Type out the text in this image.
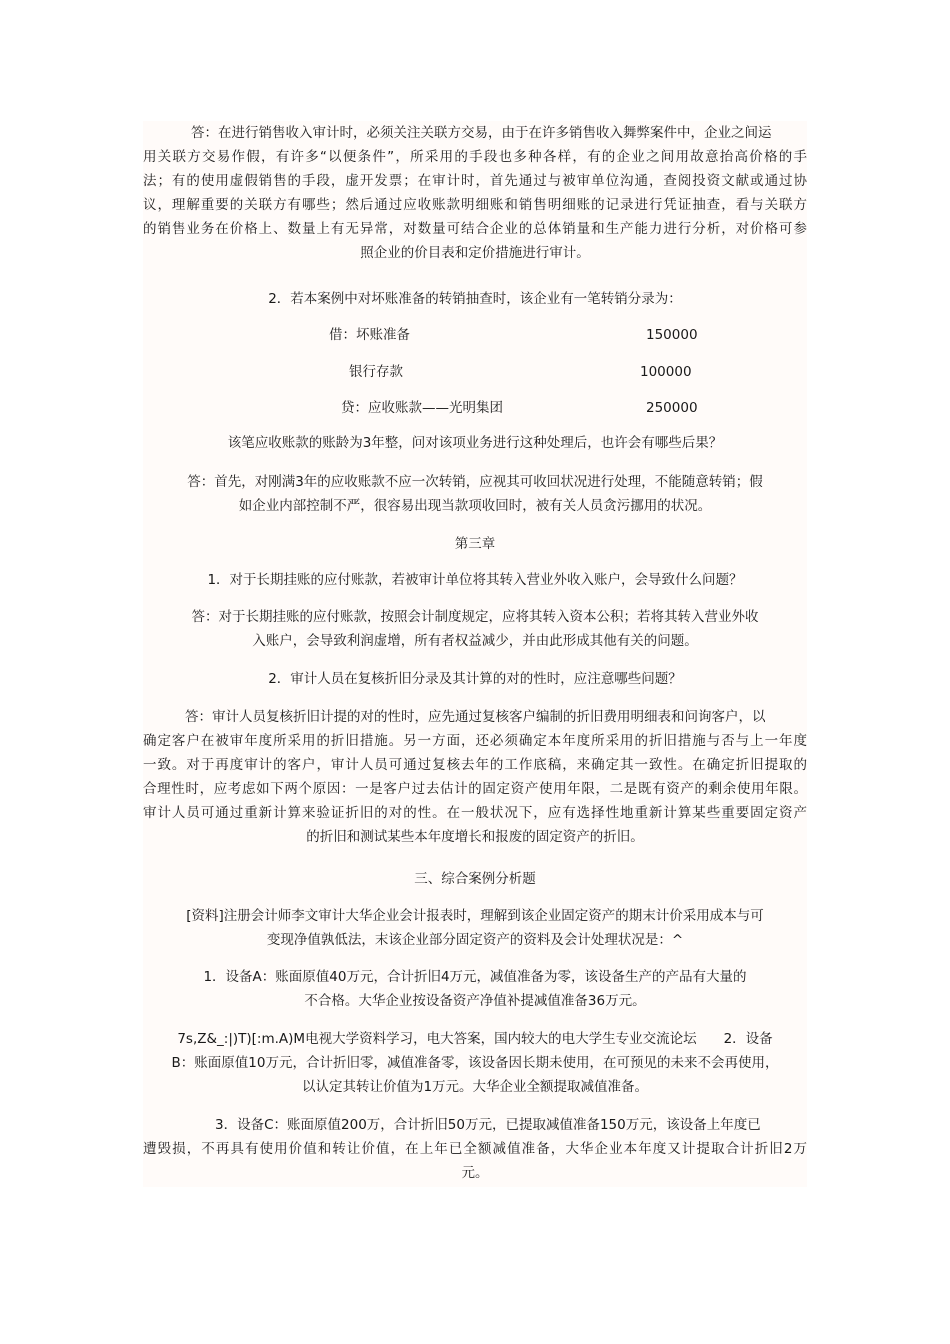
答：在进行销售收入审计时，必须关注关联方交易，由于在许多销售收入舞弊案件中，企业之间运
用关联方交易作假，有许多“以便条件”，所采用的手段也多种各样，有的企业之间用故意抬高价格的手
法；有的使用虚假销售的手段，虚开发票；在审计时，首先通过与被审单位沟通，查阅投资文献或通过协
议，理解重要的关联方有哪些；然后通过应收账款明细账和销售明细账的记录进行凭证抽查，看与关联方
的销售业务在价格上、数量上有无异常，对数量可结合企业的总体销量和生产能力进行分析，对价格可参
照企业的价目表和定价措施进行审计。
2．若本案例中对坏账准备的转销抽查时，该企业有一笔转销分录为：
借：坏账准备	150000
银行存款	100000
贷：应收账款——光明集团	250000
该笔应收账款的账龄为3年整，问对该项业务进行这种处理后，也许会有哪些后果？
答：首先，对刚满3年的应收账款不应一次转销，应视其可收回状况进行处理，不能随意转销；假
如企业内部控制不严，很容易出现当款项收回时，被有关人员贪污挪用的状况。
第三章
1．对于长期挂账的应付账款，若被审计单位将其转入营业外收入账户，会导致什么问题？
答：对于长期挂账的应付账款，按照会计制度规定，应将其转入资本公积；若将其转入营业外收
入账户，会导致利润虚增，所有者权益减少，并由此形成其他有关的问题。
2．审计人员在复核折旧分录及其计算的对的性时，应注意哪些问题？
答：审计人员复核折旧计提的对的性时，应先通过复核客户编制的折旧费用明细表和问询客户，以
确定客户在被审年度所采用的折旧措施。另一方面，还必须确定本年度所采用的折旧措施与否与上一年度
一致。对于再度审计的客户，审计人员可通过复核去年的工作底稿，来确定其一致性。在确定折旧提取的
合理性时，应考虑如下两个原因：一是客户过去估计的固定资产使用年限，二是既有资产的剩余使用年限。
审计人员可通过重新计算来验证折旧的对的性。在一般状况下，应有选择性地重新计算某些重要固定资产
的折旧和测试某些本年度增长和报废的固定资产的折旧。
三、综合案例分析题
[资料]注册会计师李文审计大华企业会计报表时，理解到该企业固定资产的期末计价采用成本与可
变现净值孰低法，末该企业部分固定资产的资料及会计处理状况是：^
1．设备A：账面原值40万元，合计折旧4万元，减值准备为零，该设备生产的产品有大量的
不合格。大华企业按设备资产净值补提减值准备36万元。
7s,Z&_:|)T)[:m.A)M电视大学资料学习，电大答案，国内较大的电大学生专业交流论坛　　2．设备
B：账面原值10万元，合计折旧零，减值准备零，该设备因长期未使用，在可预见的未来不会再使用，
以认定其转让价值为1万元。大华企业全额提取减值准备。
3．设备C：账面原值200万，合计折旧50万元，已提取减值准备150万元，该设备上年度已
遭毁损，不再具有使用价值和转让价值，在上年已全额减值准备，大华企业本年度又计提取合计折旧2万
元。
